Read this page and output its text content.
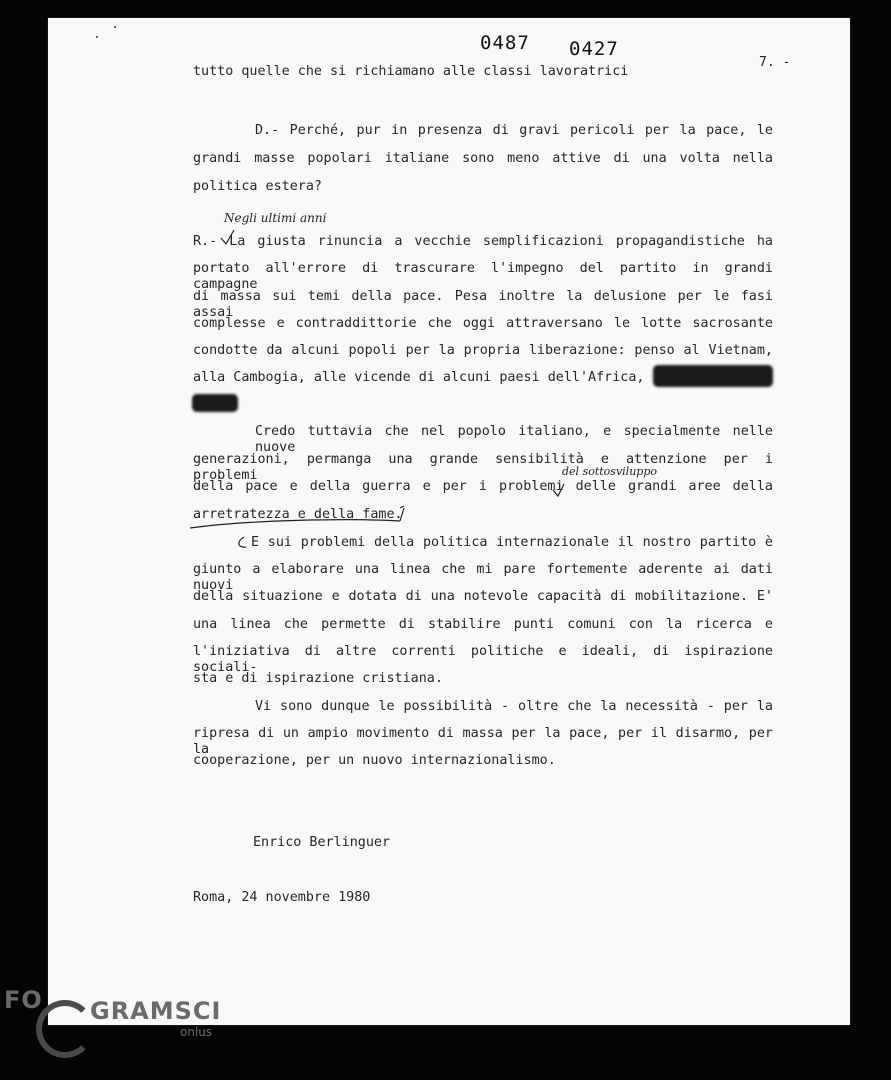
0487 0427
7. -
tutto quelle che si richiamano alle classi lavoratrici
D.- Perché, pur in presenza di gravi pericoli per la pace, le
grandi masse popolari italiane sono meno attive di una volta nella
politica estera?
Negli ultimi anni
R.- La giusta rinuncia a vecchie semplificazioni propagandistiche ha
portato all'errore di trascurare l'impegno del partito in grandi campagne
di massa sui temi della pace. Pesa inoltre la delusione per le fasi assai
complesse e contraddittorie che oggi attraversano le lotte sacrosante
condotte da alcuni popoli per la propria liberazione: penso al Vietnam,
alla Cambogia, alle vicende di alcuni paesi dell'Africa,
Credo tuttavia che nel popolo italiano, e specialmente nelle nuove
generazioni, permanga una grande sensibilità e attenzione per i problemi	del sottosviluppo
della pace e della guerra e per i problemi delle grandi aree della
arretratezza e della fame.
E sui problemi della politica internazionale il nostro partito è
giunto a elaborare una linea che mi pare fortemente aderente ai dati nuovi
della situazione e dotata di una notevole capacità di mobilitazione. E'
una linea che permette di stabilire punti comuni con la ricerca e
l'iniziativa di altre correnti politiche e ideali, di ispirazione sociali-
sta e di ispirazione cristiana.
Vi sono dunque le possibilità - oltre che la necessità - per la
ripresa di un ampio movimento di massa per la pace, per il disarmo, per la
cooperazione, per un nuovo internazionalismo.
Enrico Berlinguer
Roma, 24 novembre 1980
FO GRAMSCI
onlus
